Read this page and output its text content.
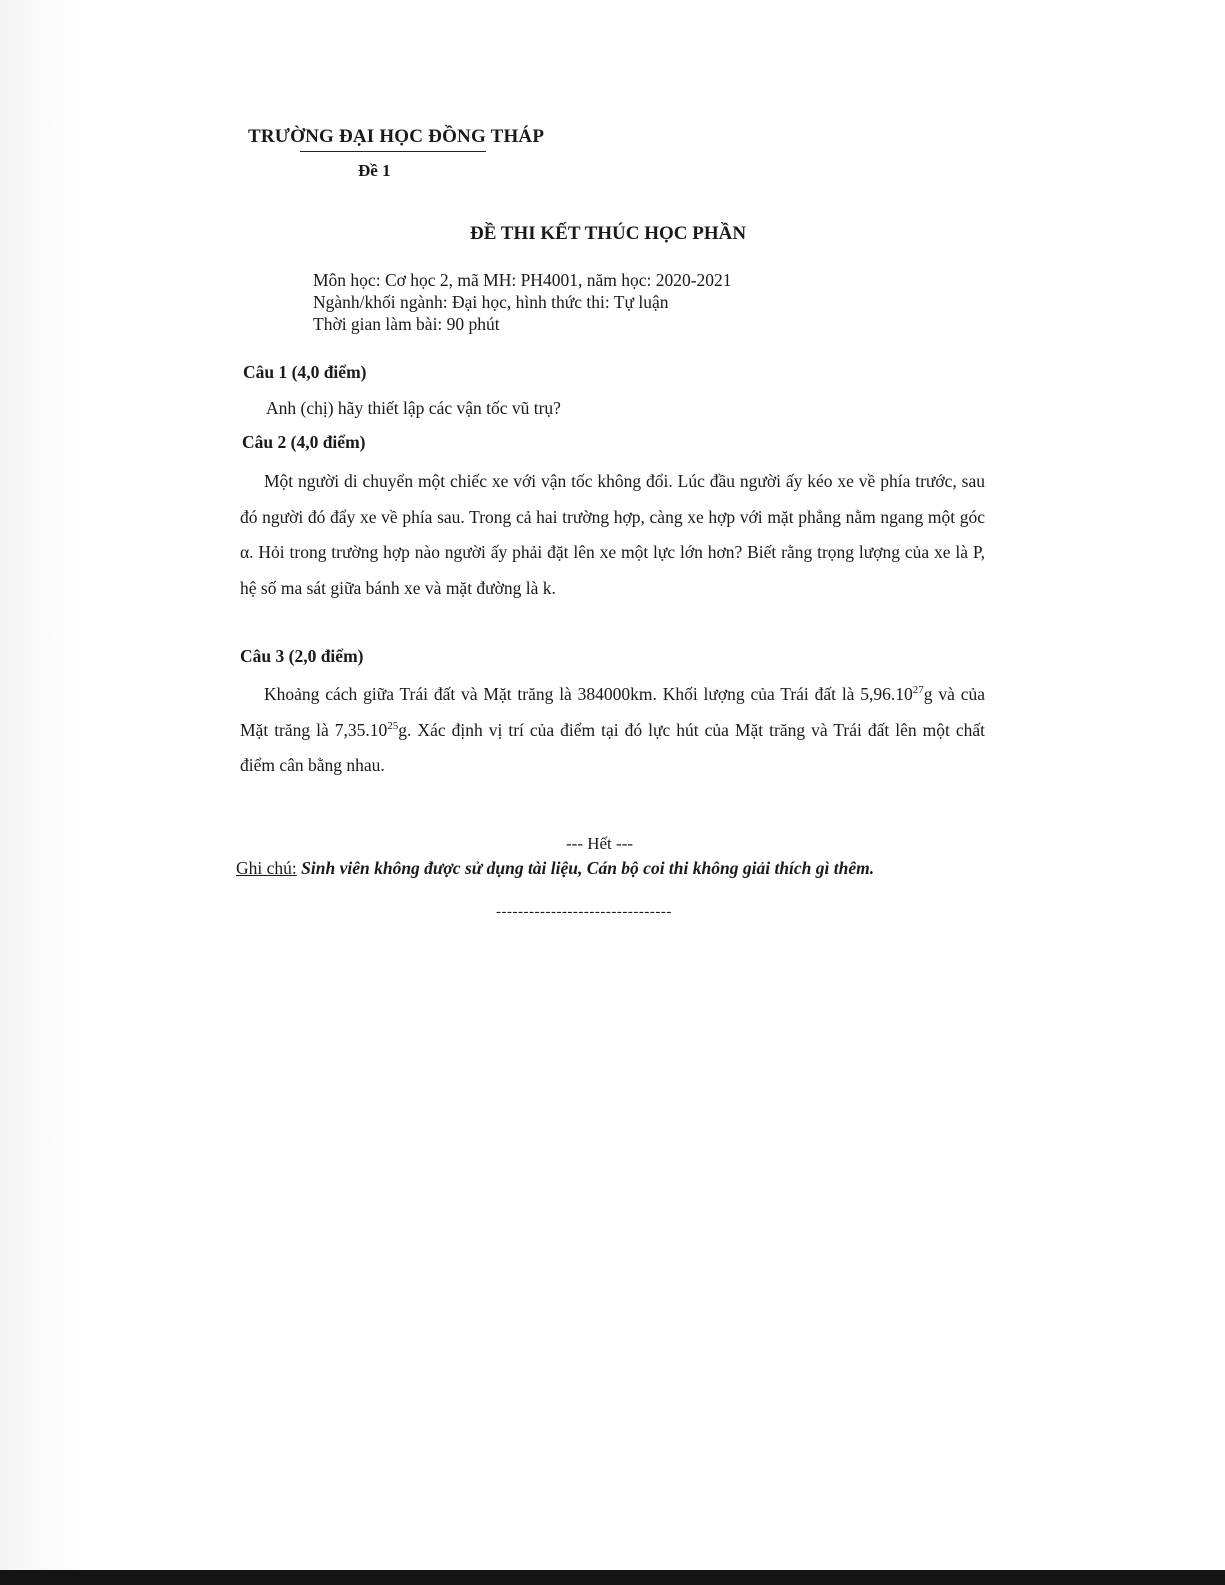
TRƯỜNG ĐẠI HỌC ĐỒNG THÁP
Đề 1
ĐỀ THI KẾT THÚC HỌC PHẦN
Môn học: Cơ học 2, mã MH: PH4001, năm học: 2020-2021
Ngành/khối ngành: Đại học, hình thức thi: Tự luận
Thời gian làm bài: 90 phút
Câu 1 (4,0 điểm)
Anh (chị) hãy thiết lập các vận tốc vũ trụ?
Câu 2 (4,0 điểm)
Một người di chuyển một chiếc xe với vận tốc không đổi. Lúc đầu người ấy kéo xe về phía trước, sau đó người đó đẩy xe về phía sau. Trong cả hai trường hợp, càng xe hợp với mặt phẳng nằm ngang một góc α. Hỏi trong trường hợp nào người ấy phải đặt lên xe một lực lớn hơn? Biết rằng trọng lượng của xe là P, hệ số ma sát giữa bánh xe và mặt đường là k.
Câu 3 (2,0 điểm)
Khoảng cách giữa Trái đất và Mặt trăng là 384000km. Khối lượng của Trái đất là 5,96.10$^{27}$g và của Mặt trăng là 7,35.10$^{25}$g. Xác định vị trí của điểm tại đó lực hút của Mặt trăng và Trái đất lên một chất điểm cân bằng nhau.
--- Hết ---
Ghi chú: Sinh viên không được sử dụng tài liệu, Cán bộ coi thi không giải thích gì thêm.
--------------------------------
